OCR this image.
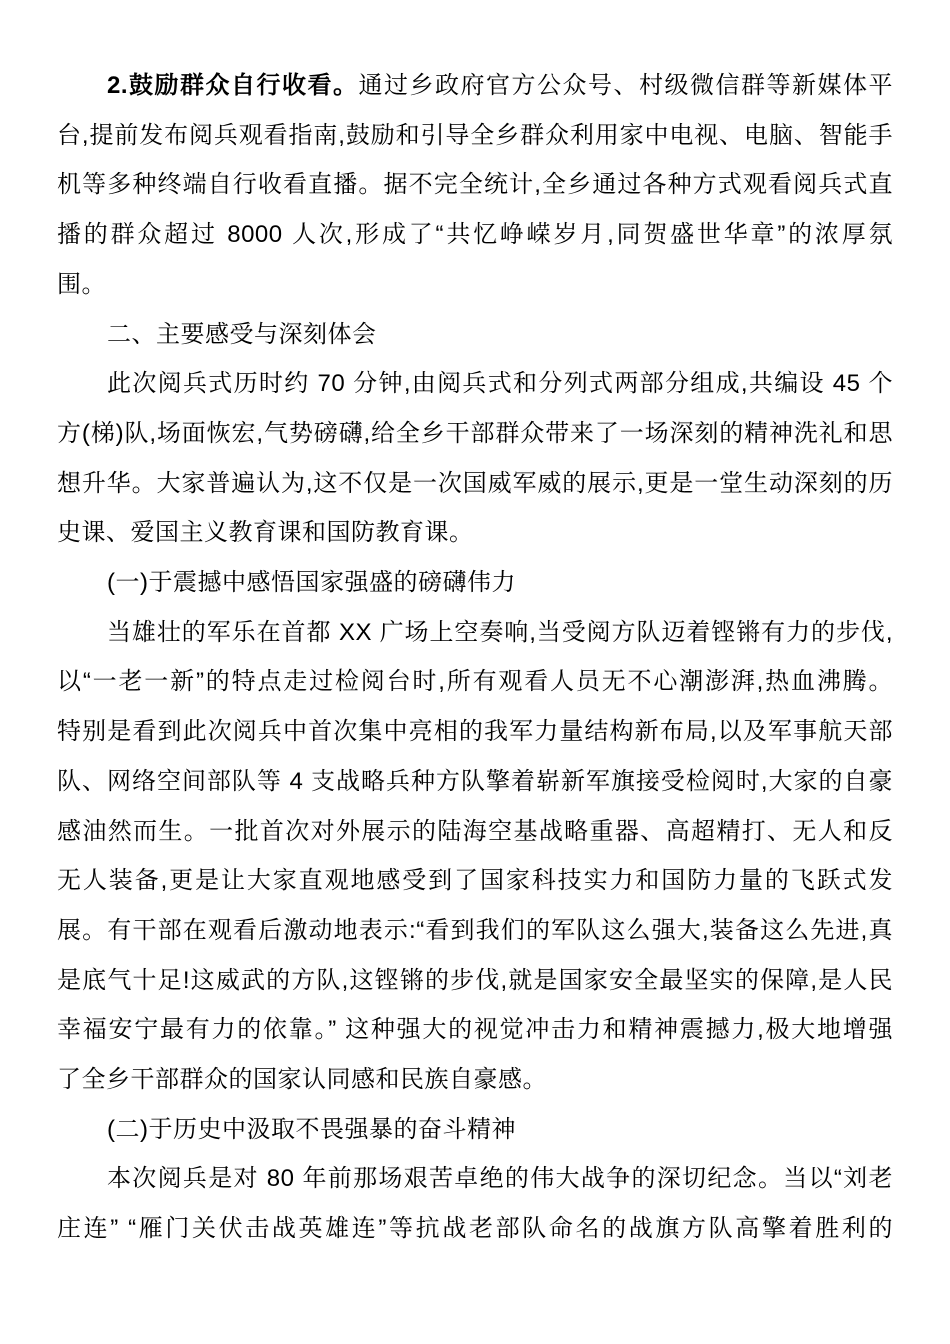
2.鼓励群众自行收看。通过乡政府官方公众号、村级微信群等新媒体平
台,提前发布阅兵观看指南,鼓励和引导全乡群众利用家中电视、电脑、智能手
机等多种终端自行收看直播。据不完全统计,全乡通过各种方式观看阅兵式直
播的群众超过 8000 人次,形成了“共忆峥嵘岁月,同贺盛世华章”的浓厚氛
围。
二、主要感受与深刻体会
此次阅兵式历时约 70 分钟,由阅兵式和分列式两部分组成,共编设 45 个
方(梯)队,场面恢宏,气势磅礴,给全乡干部群众带来了一场深刻的精神洗礼和思
想升华。大家普遍认为,这不仅是一次国威军威的展示,更是一堂生动深刻的历
史课、爱国主义教育课和国防教育课。
(一)于震撼中感悟国家强盛的磅礴伟力
当雄壮的军乐在首都 XX 广场上空奏响,当受阅方队迈着铿锵有力的步伐,
以“一老一新”的特点走过检阅台时,所有观看人员无不心潮澎湃,热血沸腾。
特别是看到此次阅兵中首次集中亮相的我军力量结构新布局,以及军事航天部
队、网络空间部队等 4 支战略兵种方队擎着崭新军旗接受检阅时,大家的自豪
感油然而生。一批首次对外展示的陆海空基战略重器、高超精打、无人和反
无人装备,更是让大家直观地感受到了国家科技实力和国防力量的飞跃式发
展。有干部在观看后激动地表示:“看到我们的军队这么强大,装备这么先进,真
是底气十足!这威武的方队,这铿锵的步伐,就是国家安全最坚实的保障,是人民
幸福安宁最有力的依靠。” 这种强大的视觉冲击力和精神震撼力,极大地增强
了全乡干部群众的国家认同感和民族自豪感。
(二)于历史中汲取不畏强暴的奋斗精神
本次阅兵是对 80 年前那场艰苦卓绝的伟大战争的深切纪念。当以“刘老
庄连” “雁门关伏击战英雄连”等抗战老部队命名的战旗方队高擎着胜利的
